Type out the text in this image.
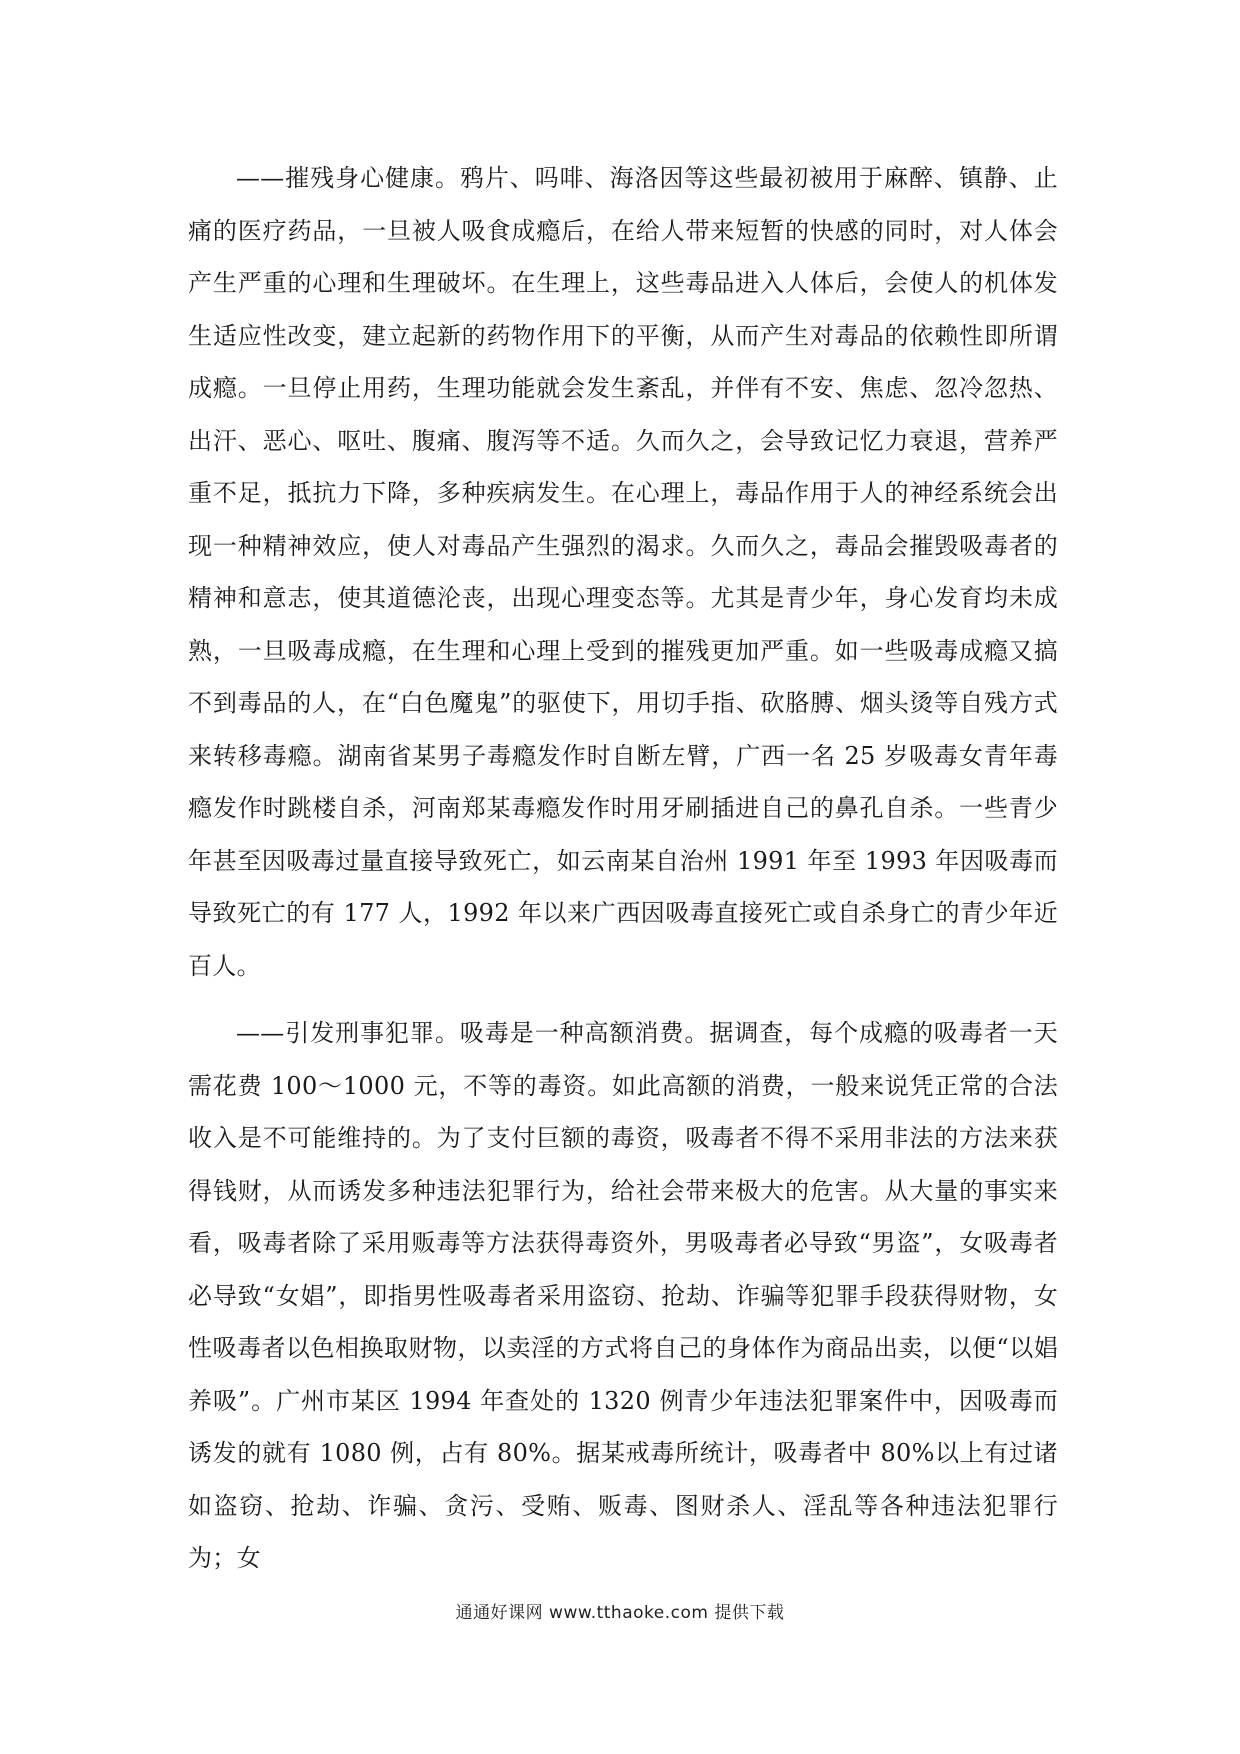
——摧残身心健康。鸦片、吗啡、海洛因等这些最初被用于麻醉、镇静、止痛的医疗药品，一旦被人吸食成瘾后，在给人带来短暂的快感的同时，对人体会产生严重的心理和生理破坏。在生理上，这些毒品进入人体后，会使人的机体发生适应性改变，建立起新的药物作用下的平衡，从而产生对毒品的依赖性即所谓成瘾。一旦停止用药，生理功能就会发生紊乱，并伴有不安、焦虑、忽冷忽热、出汗、恶心、呕吐、腹痛、腹泻等不适。久而久之，会导致记忆力衰退，营养严重不足，抵抗力下降，多种疾病发生。在心理上，毒品作用于人的神经系统会出现一种精神效应，使人对毒品产生强烈的渴求。久而久之，毒品会摧毁吸毒者的精神和意志，使其道德沦丧，出现心理变态等。尤其是青少年，身心发育均未成熟，一旦吸毒成瘾，在生理和心理上受到的摧残更加严重。如一些吸毒成瘾又搞不到毒品的人，在“白色魔鬼”的驱使下，用切手指、砍胳膊、烟头烫等自残方式来转移毒瘾。湖南省某男子毒瘾发作时自断左臂，广西一名 25 岁吸毒女青年毒瘾发作时跳楼自杀，河南郑某毒瘾发作时用牙刷插进自己的鼻孔自杀。一些青少年甚至因吸毒过量直接导致死亡，如云南某自治州 1991 年至 1993 年因吸毒而导致死亡的有 177 人，1992 年以来广西因吸毒直接死亡或自杀身亡的青少年近百人。

——引发刑事犯罪。吸毒是一种高额消费。据调查，每个成瘾的吸毒者一天需花费 100～1000 元，不等的毒资。如此高额的消费，一般来说凭正常的合法收入是不可能维持的。为了支付巨额的毒资，吸毒者不得不采用非法的方法来获得钱财，从而诱发多种违法犯罪行为，给社会带来极大的危害。从大量的事实来看，吸毒者除了采用贩毒等方法获得毒资外，男吸毒者必导致“男盗”，女吸毒者必导致“女娼”，即指男性吸毒者采用盗窃、抢劫、诈骗等犯罪手段获得财物，女性吸毒者以色相换取财物，以卖淫的方式将自己的身体作为商品出卖，以便“以娼养吸”。广州市某区 1994 年查处的 1320 例青少年违法犯罪案件中，因吸毒而诱发的就有 1080 例，占有 80%。据某戒毒所统计，吸毒者中 80%以上有过诸如盗窃、抢劫、诈骗、贪污、受贿、贩毒、图财杀人、淫乱等各种违法犯罪行为；女

通通好课网 www.tthaoke.com 提供下载
